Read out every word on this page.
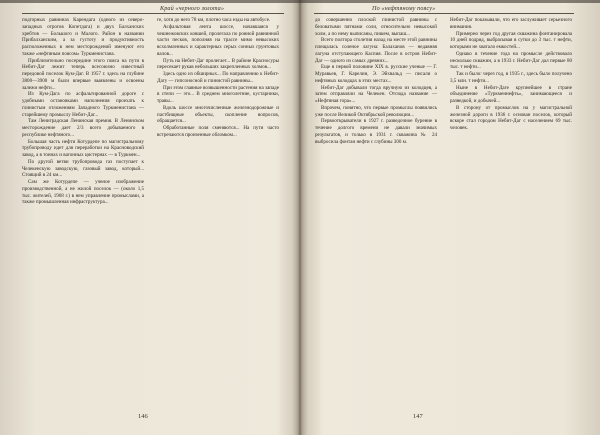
Край «черного золота»

подгорных равнинах Карендага (одного из северо-западных отрогов Копетдага) и двух Балханских хребтов — Большого и Малого. Район в названии Прибалханским, а за густоту и продуктивность расположенных в нем месторождений именуют его также «нефтяным поясом» Туркменистана.

Приблизительно посередине этого пояса на пути в Небит-Даг лежит теперь всесоюзно известный передовой поселок Кум-Даг. В 1957 г. здесь на глубине 3800—3900 м были впервые выявлены и освоены залежи нефти...

Из Кум-Дага по асфальтированной дороге с удобными остановками наполнения проехать к глинистым отложениям Западного Туркменистана — старейшему промыслу Небит-Даг...

Там Лениградская Ленинская премия. В Ленинском месторождение дает 2/3 всего добываемого в республике нефтяного...

Большая часть нефти Котурдепе по магистральному трубопроводу идет для переработки на Красноводский завод, а в тоннах и вагонных цистернах — в Туркмен...

По другой ветви трубопровода газ поступает к Челекенскую заводскую, газовый завод, который... Стоящий в 24 км...

Сам же Котурдепе — ученое изображение производственной, а не жилой поселок — (около 1,5 тыс. жителей, 1968 г.) в нем управление промыслами, а также промышленная инфраструктура...

ге, хотя до него 78 км, плотно часа езды на автобусе.

Асфальтовая лента шоссе, начавшаяся у чешнежовских ковшей, пролегала по ровной равнинной части песков, пополняя на трассе мимо невысоких всхолмленных и характерных серых сонных грунтовых валов...

Путь на Небит-Даг пролегает... В районе Красносуры пересекает рукав небольших закрепленных холмов...

Здесь одно из обширных... По направлению к Небит-Дагу — гипсоносной и глинистой равнины...

При этом главные возвышенности растения на западе в степи — это... В среднем многолетние, кустарники, травы...

Вдоль шоссе многочисленные железнодорожные и пастбищные объекты, скопление вопросов, обращается...

Обработанные поля сменяются... На пути часто встречаются пронзенные обломком...

146
По «нефтяному поясу»

до совершенно плоской глинистой равнины с беловатыми пятнами соли, относительно невысокой холм, а по нему выписаны, пишем, выпаш...

Всего полтора столетия назад на месте этой равнины плещалась соленое лагуна: Балаханов — недавняя лагуна отступающего Каспия. После в остров Небит-Даг — одного из самых древних...

Еще в первой половине XIX в. русские ученые — Г. Муравьев, Г. Карелин, Э. Эйхвальд — писали о нефтяных колодцах в этих местах...

Небит-Даг добывали тогда вручную из колодцев, а затем отправляли на Челекен. Отсюда название — «Нефтяная гора»...

Впрочем, понятно, что первые промыслы появились уже после Великой Октябрьской революции...

Первооткрыватели в 1927 г. разведочное бурение в течение долгого времени не давали значимых результатов, и только в 1931 г. скважина № 24 выбросила фонтан нефти с глубины 300 м.

Небит-Даг показывали, что его заслуживает серьезного внимания.

Примерно через год другая скважина фонтанировала 10 дней подряд, выбрасывая в сутки до 3 тыс. т нефти, которыми не хватало емкостей...

Однако в течение года на промысле действовало несколько скважин, а в 1933 г. Небит-Даг дал первые 80 тыс. т нефти...

Так и было: через год, в 1935 г., здесь было получено 3,5 млн. т нефти...

Ныне в Небит-Даге крупнейшее в стране объединение «Туркменнефть», занимающееся и разведкой, и добычей...

В сторону от промыслов на у магистральной железной дороги в 1936 г. основан поселок, который вскоре стал городом Небит-Даг с населением 69 тыс. человек.

147
